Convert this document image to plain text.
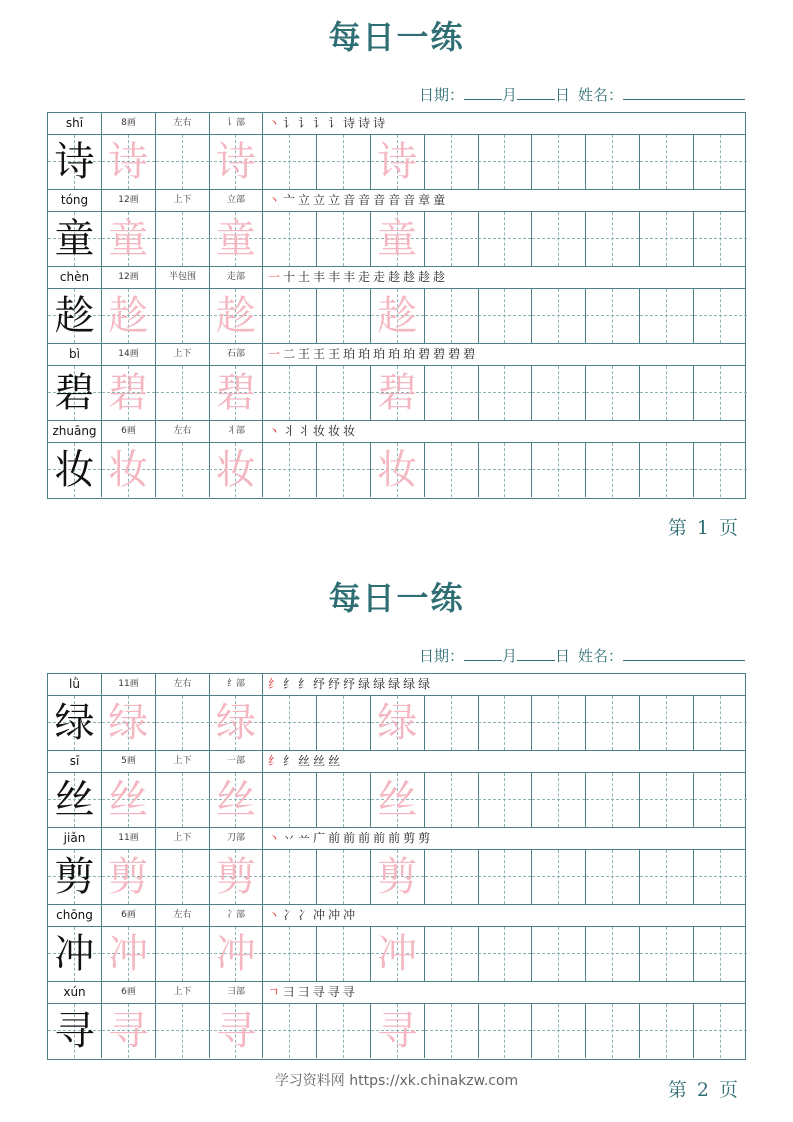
每日一练
日期：	月	日 姓名：
shī	8画	左右	讠部	丶讠讠讠讠诗诗诗
诗 诗 诗	诗
tóng	12画	上下	立部	丶亠立立立音音音音音章童
童 童 童	童
chèn	12画	半包围	走部	一十土丰丰丰走走趁趁趁趁
趁 趁 趁	趁
bì	14画	上下	石部	一二王王王珀珀珀珀珀碧碧碧碧
碧 碧 碧	碧
zhuāng	6画	左右	丬部	丶丬丬妆妆妆
妆 妆 妆	妆
第 1 页
每日一练
日期：	月	日 姓名：
lǜ	11画	左右	纟部	纟纟纟纾纾纾绿绿绿绿绿
绿 绿 绿	绿
sī	5画	上下	一部	纟纟丝丝丝
丝 丝 丝	丝
jiǎn	11画	上下	刀部	丶丷䒑广前前前前前剪剪
剪 剪 剪	剪
chōng	6画	左右	冫部	丶冫冫冲冲冲
冲 冲 冲	冲
xún	6画	上下	彐部	ㄱ彐彐寻寻寻
寻 寻 寻	寻
第 2 页
学习资料网 https://xk.chinakzw.com
